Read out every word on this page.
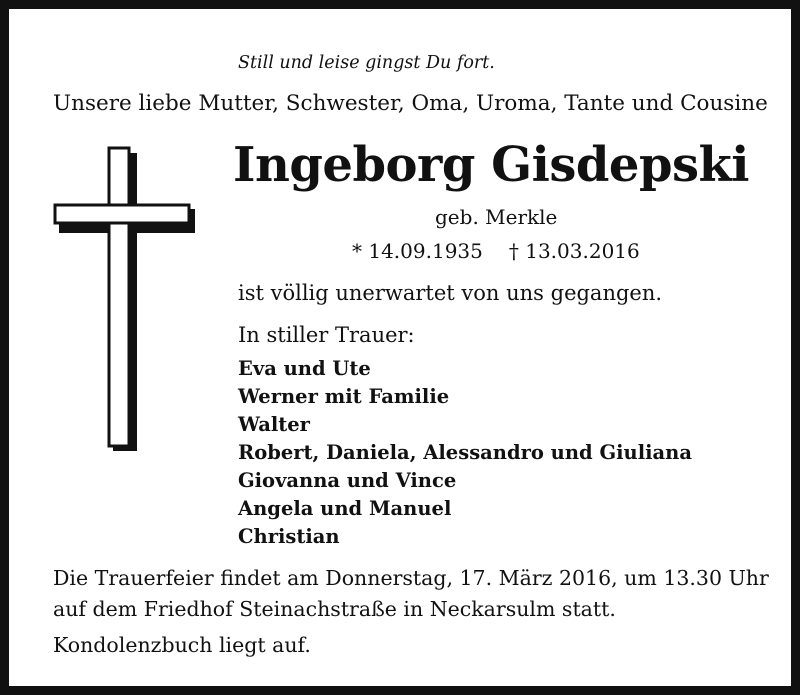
Still und leise gingst Du fort.

Unsere liebe Mutter, Schwester, Oma, Uroma, Tante und Cousine

Ingeborg Gisdepski

geb. Merkle

* 14.09.1935 † 13.03.2016

ist völlig unerwartet von uns gegangen.

In stiller Trauer:

Eva und Ute
Werner mit Familie
Walter
Robert, Daniela, Alessandro und Giuliana
Giovanna und Vince
Angela und Manuel
Christian
Die Trauerfeier findet am Donnerstag, 17. März 2016, um 13.30 Uhr
auf dem Friedhof Steinachstraße in Neckarsulm statt.

Kondolenzbuch liegt auf.
